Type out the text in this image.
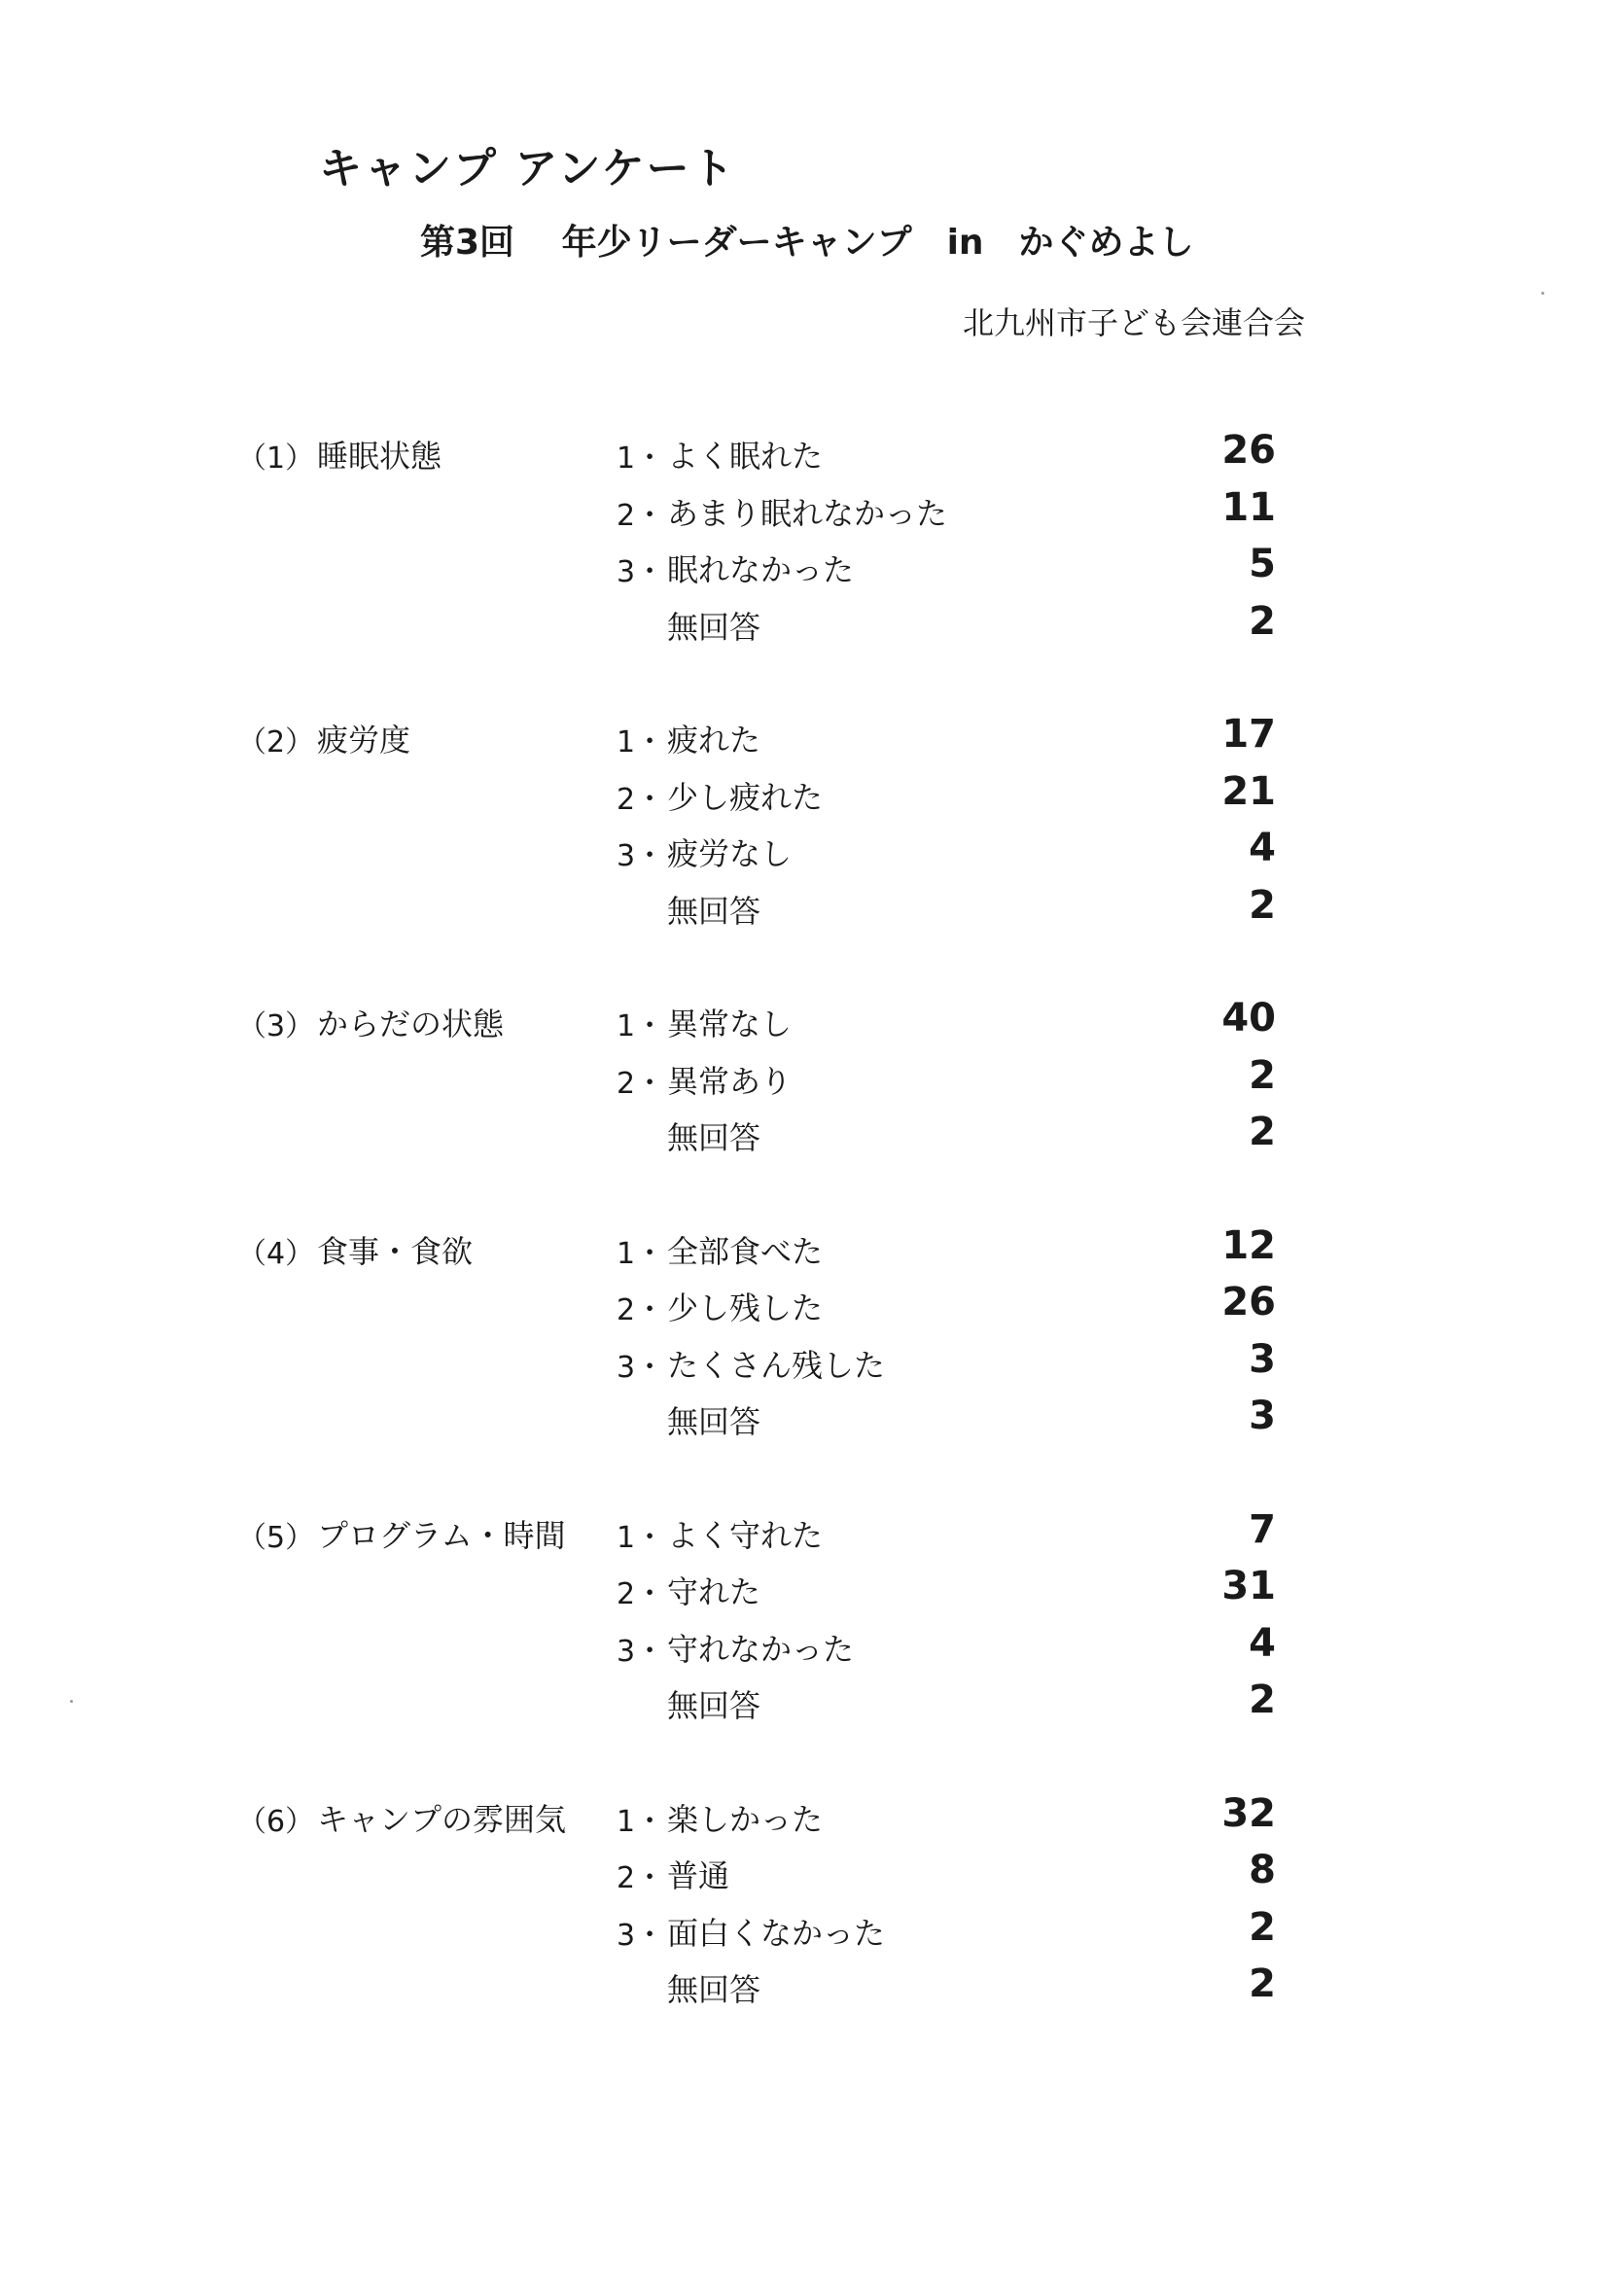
キャンプ アンケート
第3回　 年少リーダーキャンプ　in　かぐめよし
北九州市子ども会連合会
（1） 睡眠状態	1・ よく眠れた	26
2・ あまり眠れなかった	11
3・ 眠れなかった	5
無回答	2
（2） 疲労度	1・ 疲れた	17
2・ 少し疲れた	21
3・ 疲労なし	4
無回答	2
（3） からだの状態	1・ 異常なし	40
2・ 異常あり	2
無回答	2
（4） 食事・食欲	1・ 全部食べた	12
2・ 少し残した	26
3・ たくさん残した	3
無回答	3
（5） プログラム・時間 1・ よく守れた	7
2・ 守れた	31
3・ 守れなかった	4
無回答	2
（6） キャンプの雰囲気 1・ 楽しかった	32
2・ 普通	8
3・ 面白くなかった	2
無回答	2
